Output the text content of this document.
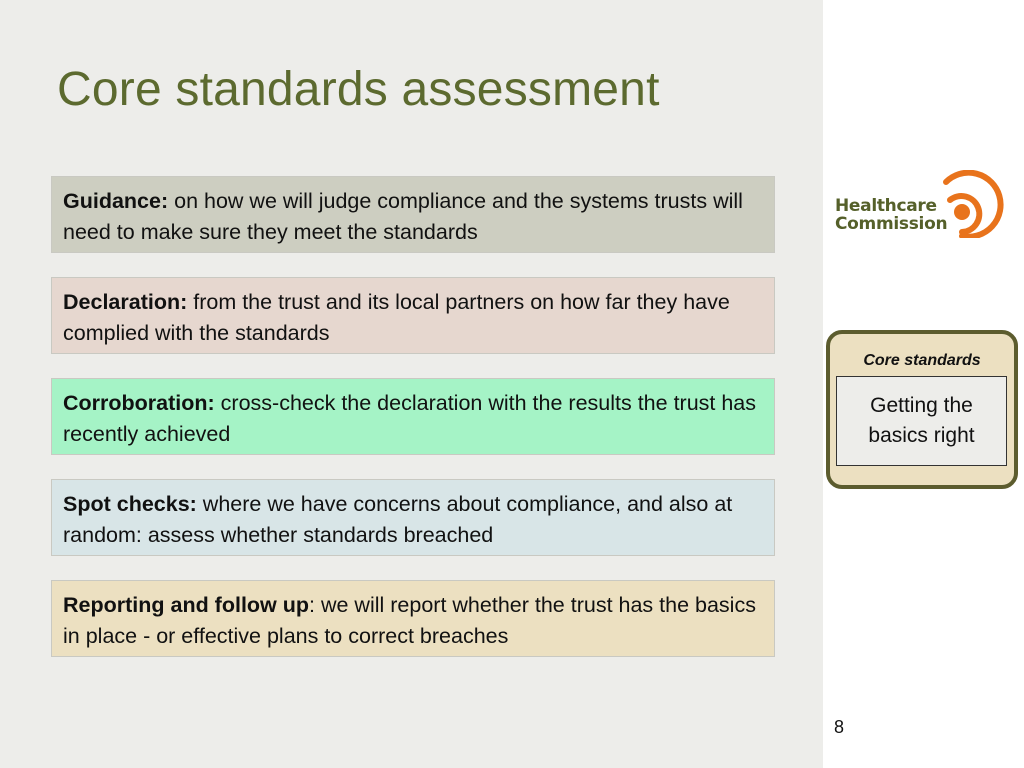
Core standards assessment
Guidance: on how we will judge compliance and the systems trusts will need to make sure they meet the standards
Declaration: from the trust and its local partners on how far they have complied with the standards
Corroboration: cross-check the declaration with the results the trust has recently achieved
Spot checks: where we have concerns about compliance, and also at random: assess whether standards breached
Reporting and follow up: we will report whether the trust has the basics in place - or effective plans to correct breaches
Healthcare
Commission
Core standards
Getting the
basics right
8
